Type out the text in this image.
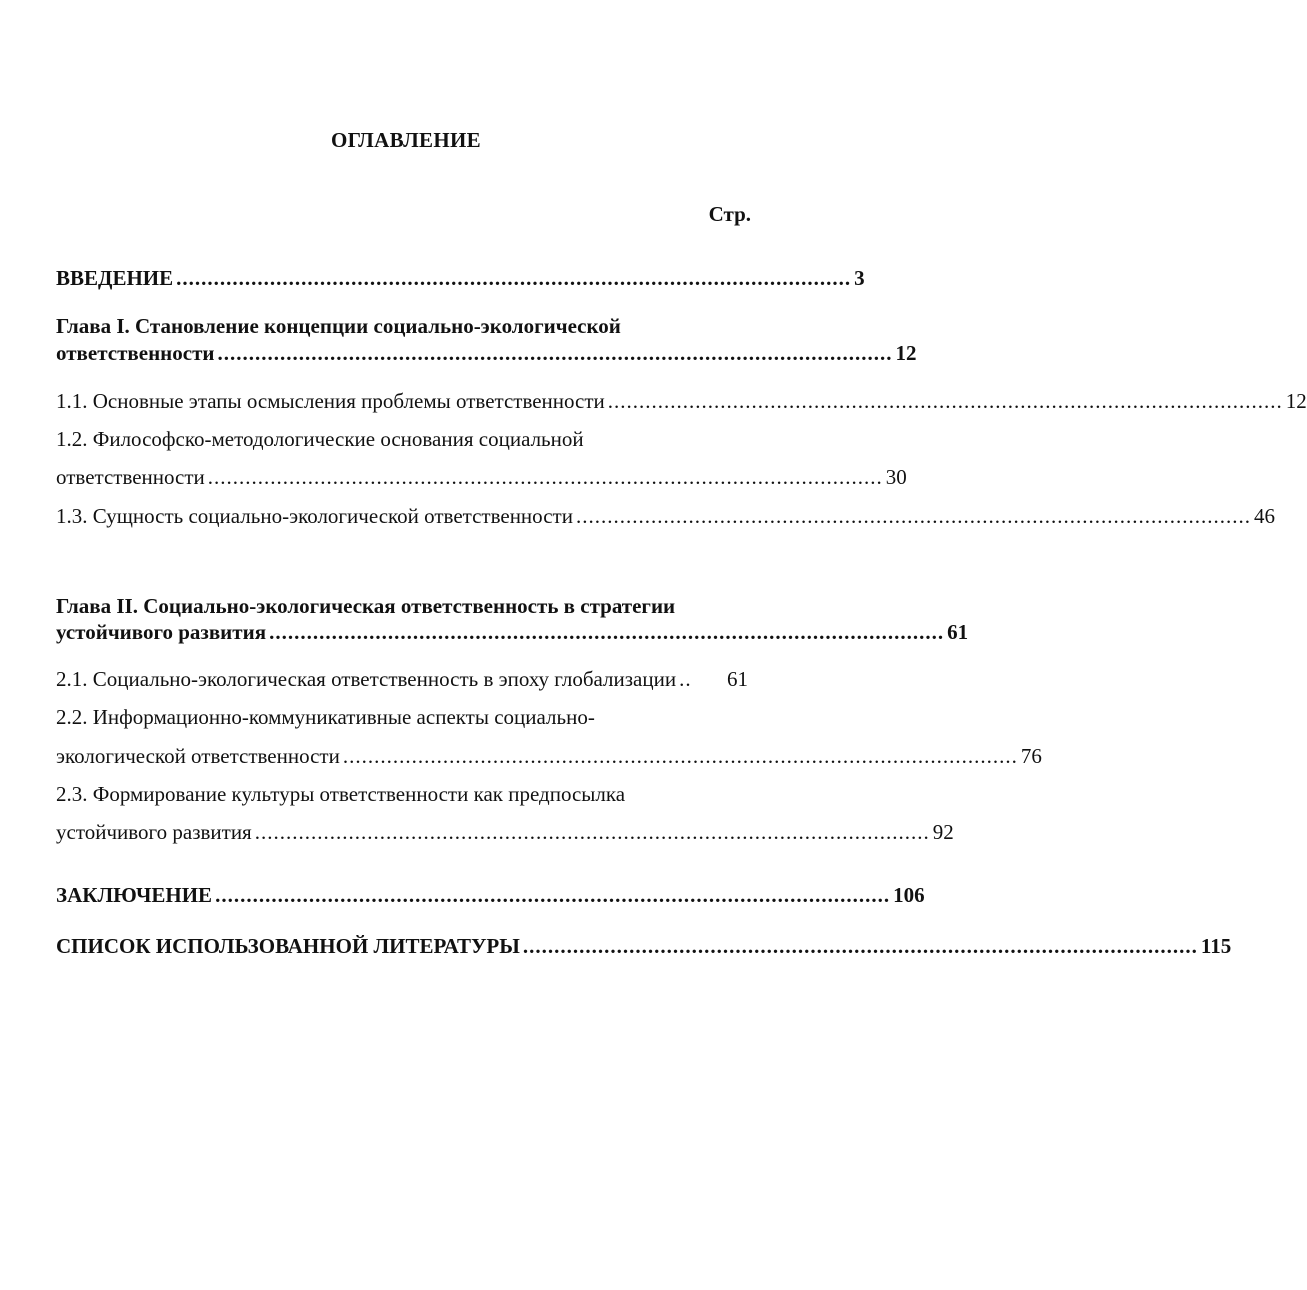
ОГЛАВЛЕНИЕ
Стр.
ВВЕДЕНИЕ ............................................................................................................ 3
Глава I. Становление концепции социально-экологической
ответственности ............................................................................................................ 12
1.1. Основные этапы осмысления проблемы ответственности ............................................................................................................ 12
1.2. Философско-методологические основания социальной
ответственности ............................................................................................................ 30
1.3. Сущность социально-экологической ответственности ............................................................................................................ 46
Глава II. Социально-экологическая ответственность в стратегии
устойчивого развития ............................................................................................................ 61
2.1. Социально-экологическая ответственность в эпоху глобализации ..	61
2.2. Информационно-коммуникативные аспекты социально-
экологической ответственности ............................................................................................................ 76
2.3. Формирование культуры ответственности как предпосылка
устойчивого развития ............................................................................................................ 92
ЗАКЛЮЧЕНИЕ ............................................................................................................ 106
СПИСОК ИСПОЛЬЗОВАННОЙ ЛИТЕРАТУРЫ ............................................................................................................ 115
